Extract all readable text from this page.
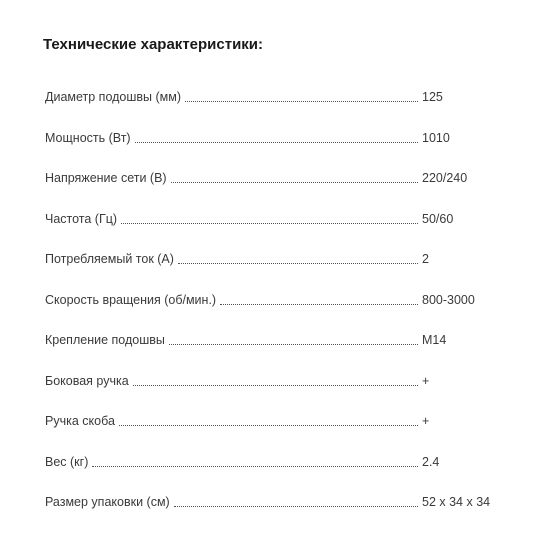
Технические характеристики:
Диаметр подошвы (мм)	125
Мощность (Вт)	1010
Напряжение сети (В)	220/240
Частота (Гц)	50/60
Потребляемый ток (А)	2
Скорость вращения (об/мин.)	800-3000
Крепление подошвы	М14
Боковая ручка	+
Ручка скоба	+
Вес (кг)	2.4
Размер упаковки (см)	52 х 34 х 34
